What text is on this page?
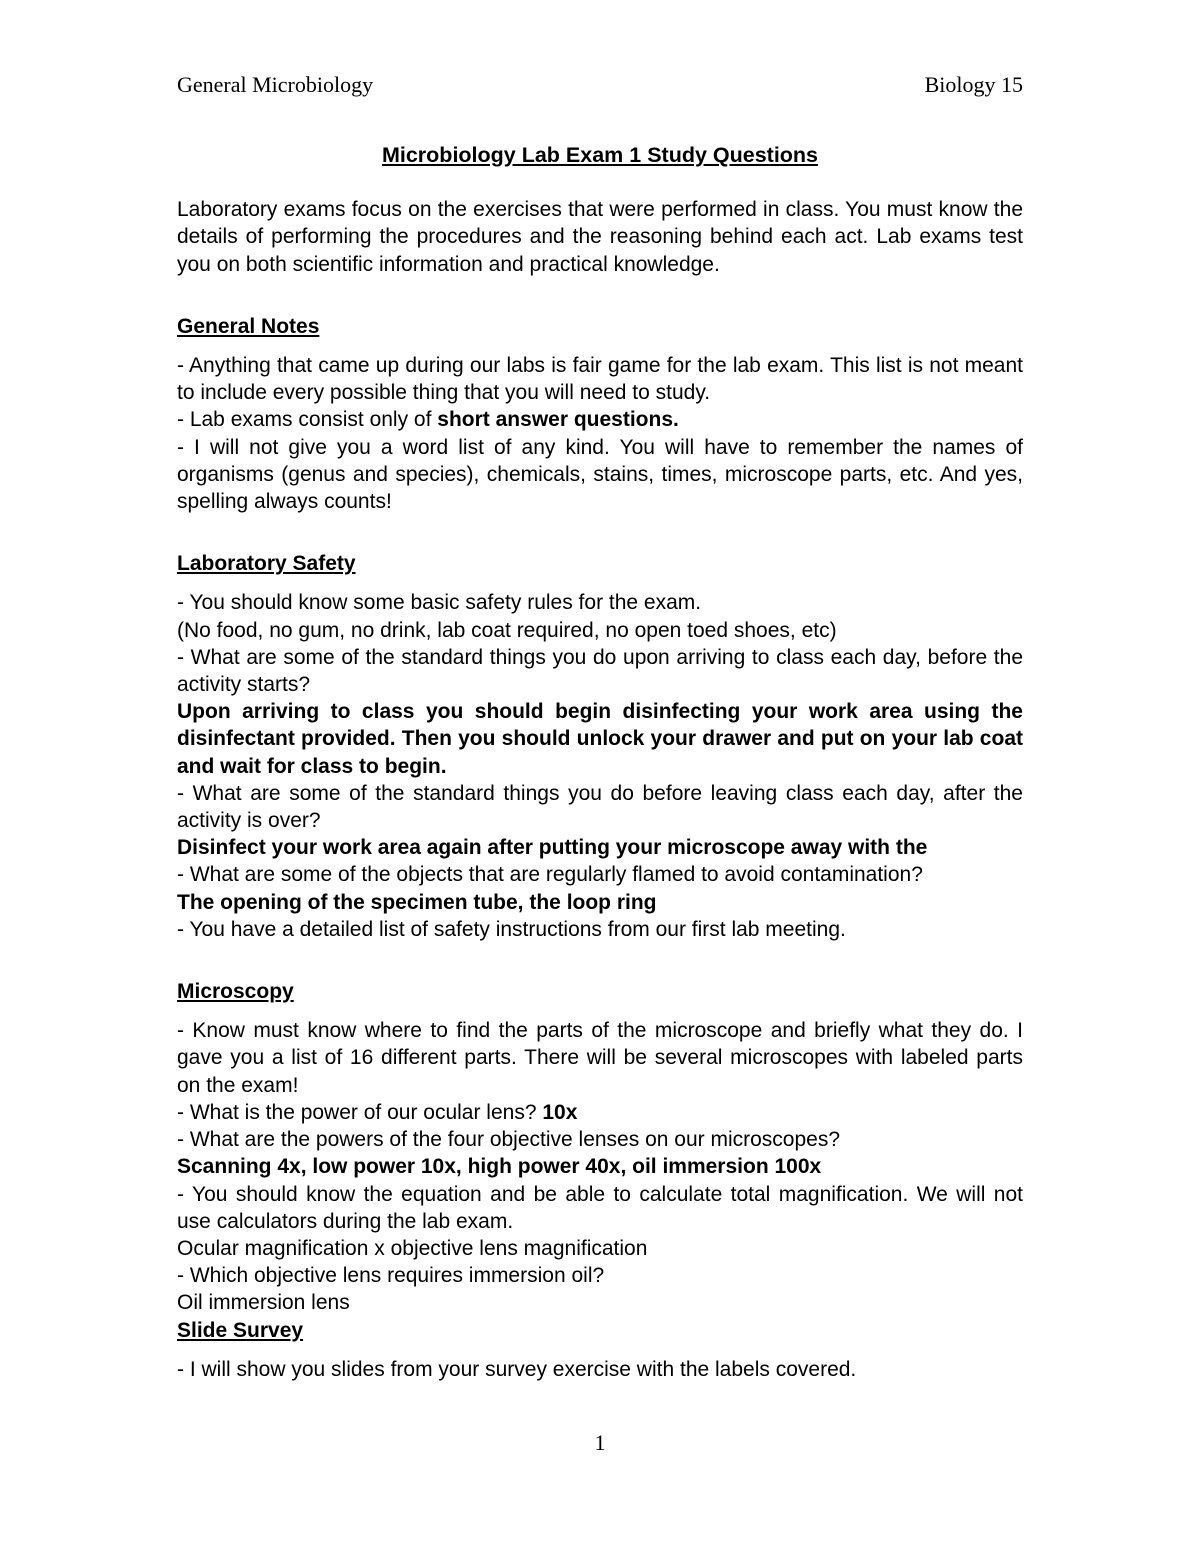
General Microbiology	Biology 15

Microbiology Lab Exam 1 Study Questions

Laboratory exams focus on the exercises that were performed in class. You must know the details of performing the procedures and the reasoning behind each act. Lab exams test you on both scientific information and practical knowledge.

General Notes

- Anything that came up during our labs is fair game for the lab exam. This list is not meant to include every possible thing that you will need to study.

- Lab exams consist only of short answer questions.

- I will not give you a word list of any kind. You will have to remember the names of organisms (genus and species), chemicals, stains, times, microscope parts, etc. And yes, spelling always counts!

Laboratory Safety

- You should know some basic safety rules for the exam.

(No food, no gum, no drink, lab coat required, no open toed shoes, etc)

- What are some of the standard things you do upon arriving to class each day, before the activity starts?

Upon arriving to class you should begin disinfecting your work area using the disinfectant provided. Then you should unlock your drawer and put on your lab coat and wait for class to begin.

- What are some of the standard things you do before leaving class each day, after the activity is over?

Disinfect your work area again after putting your microscope away with the

- What are some of the objects that are regularly flamed to avoid contamination?

The opening of the specimen tube, the loop ring

- You have a detailed list of safety instructions from our first lab meeting.

Microscopy

- Know must know where to find the parts of the microscope and briefly what they do. I gave you a list of 16 different parts. There will be several microscopes with labeled parts on the exam!

- What is the power of our ocular lens? 10x

- What are the powers of the four objective lenses on our microscopes?

Scanning 4x, low power 10x, high power 40x, oil immersion 100x

- You should know the equation and be able to calculate total magnification. We will not use calculators during the lab exam.

Ocular magnification x objective lens magnification

- Which objective lens requires immersion oil?

Oil immersion lens

Slide Survey

- I will show you slides from your survey exercise with the labels covered.

1
